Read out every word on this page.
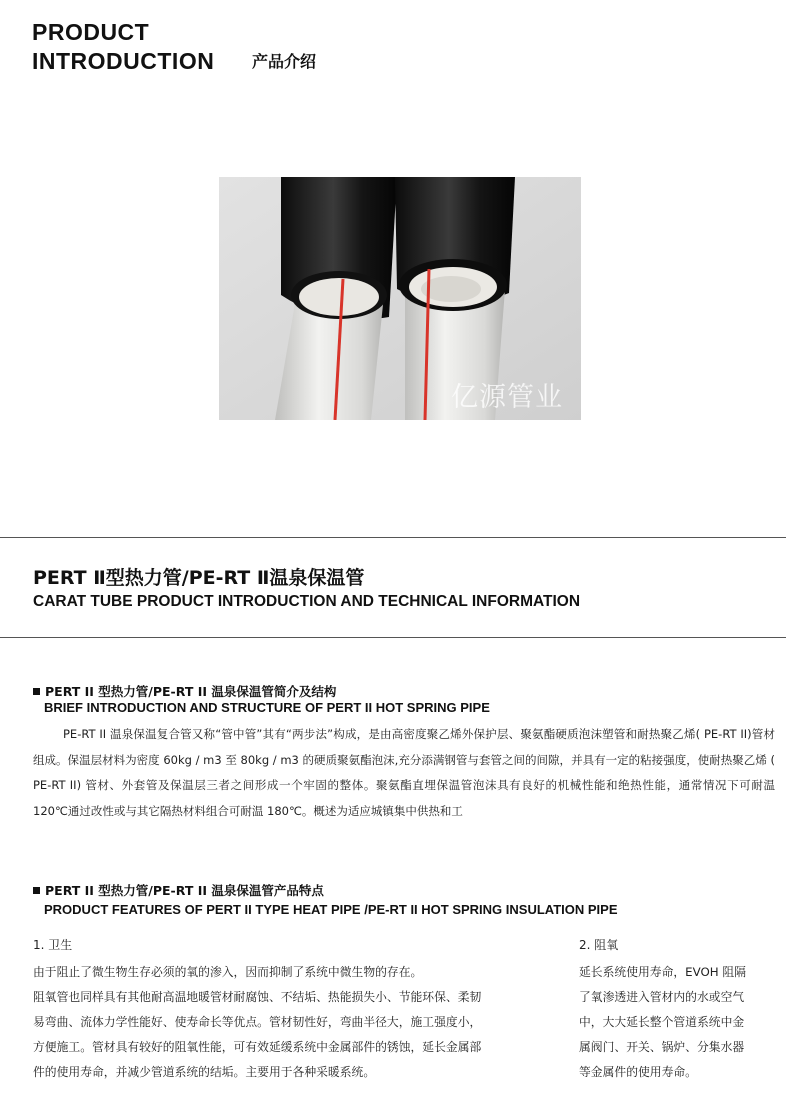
PRODUCT
INTRODUCTION 产品介绍
亿源管业
PERT Ⅱ型热力管/PE-RT Ⅱ温泉保温管
CARAT TUBE PRODUCT INTRODUCTION AND TECHNICAL INFORMATION
PERT II 型热力管/PE-RT II 温泉保温管简介及结构
BRIEF INTRODUCTION AND STRUCTURE OF PERT II HOT SPRING PIPE
PE-RT II 温泉保温复合管又称“管中管”其有“两步法”构成，是由高密度聚乙烯外保护层、聚氨酯硬质泡沫塑管和耐热聚乙烯( PE-RT II)管材组成。保温层材料为密度 60kg / m3 至 80kg / m3 的硬质聚氨酯泡沫,充分添满钢管与套管之间的间隙，并具有一定的粘接强度，使耐热聚乙烯 ( PE-RT II) 管材、外套管及保温层三者之间形成一个牢固的整体。聚氨酯直埋保温管泡沫具有良好的机械性能和绝热性能，通常情况下可耐温 120℃通过改性或与其它隔热材料组合可耐温 180℃。概述为适应城镇集中供热和工
PERT II 型热力管/PE-RT II 温泉保温管产品特点
PRODUCT FEATURES OF PERT II TYPE HEAT PIPE /PE-RT II HOT SPRING INSULATION PIPE
1. 卫生
由于阻止了微生物生存必须的氧的渗入，因而抑制了系统中微生物的存在。
阻氧管也同样具有其他耐高温地暖管材耐腐蚀、不结垢、热能损失小、节能环保、柔韧
易弯曲、流体力学性能好、使寿命长等优点。管材韧性好，弯曲半径大，施工强度小，
方便施工。管材具有较好的阻氧性能，可有效延缓系统中金属部件的锈蚀，延长金属部
件的使用寿命，并减少管道系统的结垢。主要用于各种采暖系统。
2. 阻氧
延长系统使用寿命，EVOH 阻隔
了氧渗透进入管材内的水或空气
中，大大延长整个管道系统中金
属阀门、开关、锅炉、分集水器
等金属件的使用寿命。
